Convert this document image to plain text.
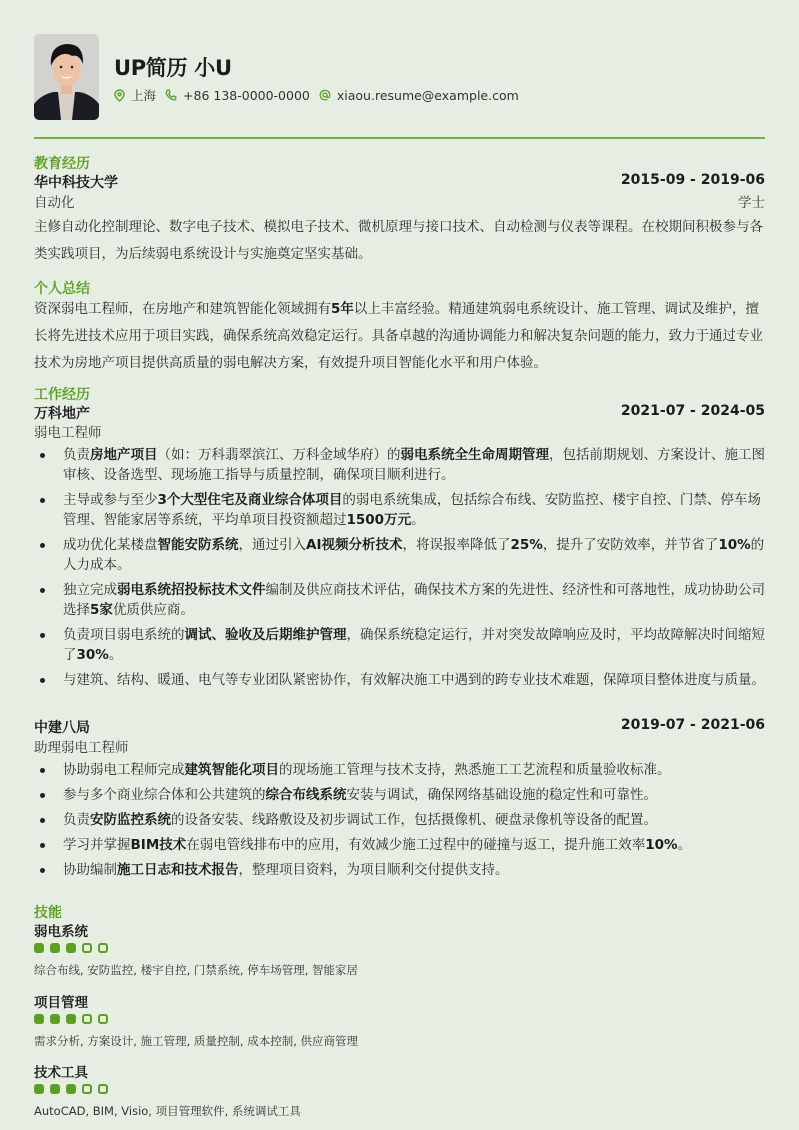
UP简历 小U
上海 +86 138-0000-0000 xiaou.resume@example.com
教育经历
华中科技大学	2015-09 - 2019-06
自动化	学士
主修自动化控制理论、数字电子技术、模拟电子技术、微机原理与接口技术、自动检测与仪表等课程。在校期间积极参与各类实践项目，为后续弱电系统设计与实施奠定坚实基础。
个人总结
资深弱电工程师，在房地产和建筑智能化领域拥有5年以上丰富经验。精通建筑弱电系统设计、施工管理、调试及维护，擅长将先进技术应用于项目实践，确保系统高效稳定运行。具备卓越的沟通协调能力和解决复杂问题的能力，致力于通过专业技术为房地产项目提供高质量的弱电解决方案，有效提升项目智能化水平和用户体验。
工作经历
万科地产	2021-07 - 2024-05
弱电工程师
负责房地产项目（如：万科翡翠滨江、万科金域华府）的弱电系统全生命周期管理，包括前期规划、方案设计、施工图审核、设备选型、现场施工指导与质量控制，确保项目顺利进行。
主导或参与至少3个大型住宅及商业综合体项目的弱电系统集成，包括综合布线、安防监控、楼宇自控、门禁、停车场管理、智能家居等系统，平均单项目投资额超过1500万元。
成功优化某楼盘智能安防系统，通过引入AI视频分析技术，将误报率降低了25%，提升了安防效率，并节省了10%的人力成本。
独立完成弱电系统招投标技术文件编制及供应商技术评估，确保技术方案的先进性、经济性和可落地性，成功协助公司选择5家优质供应商。
负责项目弱电系统的调试、验收及后期维护管理，确保系统稳定运行，并对突发故障响应及时，平均故障解决时间缩短了30%。
与建筑、结构、暖通、电气等专业团队紧密协作，有效解决施工中遇到的跨专业技术难题，保障项目整体进度与质量。
中建八局	2019-07 - 2021-06
助理弱电工程师
协助弱电工程师完成建筑智能化项目的现场施工管理与技术支持，熟悉施工工艺流程和质量验收标准。
参与多个商业综合体和公共建筑的综合布线系统安装与调试，确保网络基础设施的稳定性和可靠性。
负责安防监控系统的设备安装、线路敷设及初步调试工作，包括摄像机、硬盘录像机等设备的配置。
学习并掌握BIM技术在弱电管线排布中的应用，有效减少施工过程中的碰撞与返工，提升施工效率10%。
协助编制施工日志和技术报告，整理项目资料，为项目顺利交付提供支持。
技能
弱电系统
综合布线, 安防监控, 楼宇自控, 门禁系统, 停车场管理, 智能家居
项目管理
需求分析, 方案设计, 施工管理, 质量控制, 成本控制, 供应商管理
技术工具
AutoCAD, BIM, Visio, 项目管理软件, 系统调试工具
